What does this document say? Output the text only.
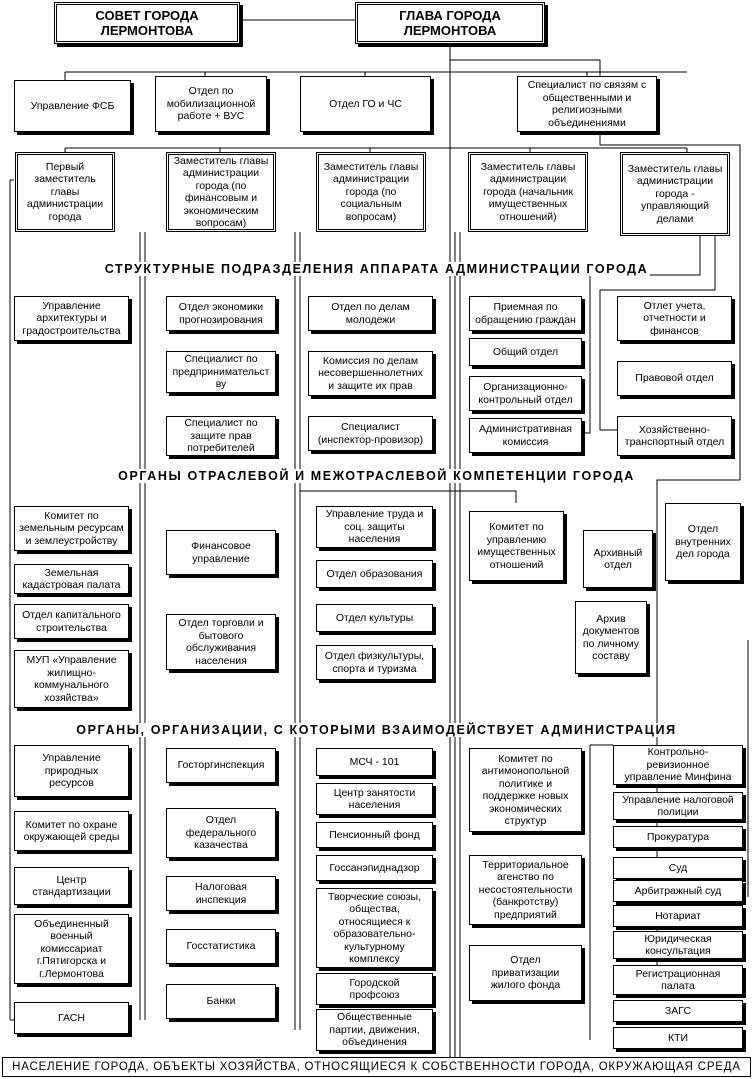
СОВЕТ ГОРОДА
ЛЕРМОНТОВА
ГЛАВА ГОРОДА
ЛЕРМОНТОВА
Управление ФСБ
Отдел по
мобилизационной
работе + ВУС
Отдел ГО и ЧС
Специалист по связям с
общественными и
религиозными
объединениями
Первый
заместитель главы
администрации
города
Заместитель главы
администрации
города (по
финансовым и
экономическим
вопросам)
Заместитель главы
администрации
города (по
социальным
вопросам)
Заместитель главы
администрации
города (начальник
имущественных
отношений)
Заместитель главы
администрации
города -
управляющий
делами
СТРУКТУРНЫЕ ПОДРАЗДЕЛЕНИЯ АППАРАТА АДМИНИСТРАЦИИ ГОРОДА
Управление
архитектуры и
градостроительства
Отдел экономики
прогнозирования
Специалист по
предпринимательст
ву
Специалист по
защите прав
потребителей
Отдел по делам
молодежи
Комиссия по делам
несовершеннолетних
и защите их прав
Специалист
(инспектор-провизор)
Приемная по
обращению граждан
Общий отдел
Организационно-
контрольный отдел
Административная
комиссия
Отлет учета,
отчетности и
финансов
Правовой отдел
Хозяйственно-
транспортный отдел
ОРГАНЫ ОТРАСЛЕВОЙ И МЕЖОТРАСЛЕВОЙ КОМПЕТЕНЦИИ ГОРОДА
Комитет по
земельным ресурсам
и землеустройству
Земельная
кадастровая палата
Отдел капитального
строительства
МУП «Управление
жилищно-
коммунального
хозяйства»
Финансовое
управление
Отдел торговли и
бытового
обслуживания
населения
Управление труда и
соц. защиты
населения
Отдел образования
Отдел культуры
Отдел физкультуры,
спорта и туризма
Комитет по
управлению
имущественных
отношений
Архивный
отдел
Отдел
внутренних
дел города
Архив
документов
по личному
составу
ОРГАНЫ, ОРГАНИЗАЦИИ, С КОТОРЫМИ ВЗАИМОДЕЙСТВУЕТ АДМИНИСТРАЦИЯ
Управление
природных
ресурсов
Комитет по охране
окружающей среды
Центр
стандартизации
Объединенный
военный
комиссариат
г.Пятигорска и
г.Лермонтова
ГАСН
Госторгинспекция
Отдел
федерального
казачества
Налоговая
инспекция
Госстатистика
Банки
МСЧ - 101
Центр занятости
населения
Пенсионный фонд
Госсанэпиднадзор
Творческие союзы,
общества,
относящиеся к
образовательно-
культурному
комплексу
Городской
профсоюз
Общественные
партии, движения,
объединения
Комитет по
антимонопольной
политике и
поддержке новых
экономических
структур
Территориальное
агенство по
несостоятельности
(банкротству)
предприятий
Отдел
приватизации
жилого фонда
Контрольно-
ревизионное
управление Минфина
Управление налоговой
полиции
Прокуратура
Суд
Арбитражный суд
Нотариат
Юридическая
консультация
Регистрационная
палата
ЗАГС
КТИ
НАСЕЛЕНИЕ ГОРОДА, ОБЪЕКТЫ ХОЗЯЙСТВА, ОТНОСЯЩИЕСЯ К СОБСТВЕННОСТИ ГОРОДА, ОКРУЖАЮЩАЯ СРЕДА
